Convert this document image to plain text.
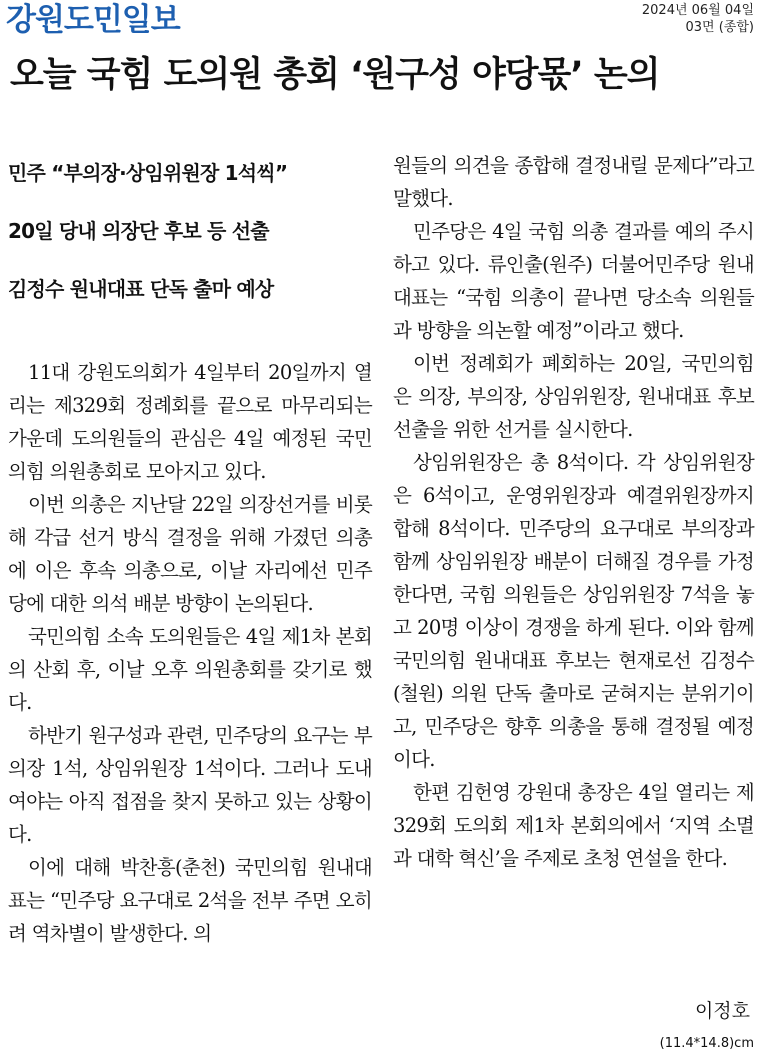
강원도민일보	2024년 06월 04일
03면 (종합)
오늘 국힘 도의원 총회 ‘원구성 야당몫’ 논의
민주 “부의장·상임위원장 1석씩”
20일 당내 의장단 후보 등 선출
김정수 원내대표 단독 출마 예상

11대 강원도의회가 4일부터 20일까지 열리는 제329회 정례회를 끝으로 마무리되는 가운데 도의원들의 관심은 4일 예정된 국민의힘 의원총회로 모아지고 있다.

이번 의총은 지난달 22일 의장선거를 비롯해 각급 선거 방식 결정을 위해 가졌던 의총에 이은 후속 의총으로, 이날 자리에선 민주당에 대한 의석 배분 방향이 논의된다.

국민의힘 소속 도의원들은 4일 제1차 본회의 산회 후, 이날 오후 의원총회를 갖기로 했다.

하반기 원구성과 관련, 민주당의 요구는 부의장 1석, 상임위원장 1석이다. 그러나 도내 여야는 아직 접점을 찾지 못하고 있는 상황이다.

이에 대해 박찬흥(춘천) 국민의힘 원내대표는 “민주당 요구대로 2석을 전부 주면 오히려 역차별이 발생한다. 의

원들의 의견을 종합해 결정내릴 문제다”라고 말했다.

민주당은 4일 국힘 의총 결과를 예의 주시하고 있다. 류인출(원주) 더불어민주당 원내대표는 “국힘 의총이 끝나면 당소속 의원들과 방향을 의논할 예정”이라고 했다.

이번 정례회가 폐회하는 20일, 국민의힘은 의장, 부의장, 상임위원장, 원내대표 후보 선출을 위한 선거를 실시한다.

상임위원장은 총 8석이다. 각 상임위원장은 6석이고, 운영위원장과 예결위원장까지 합해 8석이다. 민주당의 요구대로 부의장과 함께 상임위원장 배분이 더해질 경우를 가정한다면, 국힘 의원들은 상임위원장 7석을 놓고 20명 이상이 경쟁을 하게 된다. 이와 함께 국민의힘 원내대표 후보는 현재로선 김정수(철원) 의원 단독 출마로 굳혀지는 분위기이고, 민주당은 향후 의총을 통해 결정될 예정이다.

한편 김헌영 강원대 총장은 4일 열리는 제329회 도의회 제1차 본회의에서 ‘지역 소멸과 대학 혁신’을 주제로 초청 연설을 한다.

이정호
(11.4*14.8)cm
